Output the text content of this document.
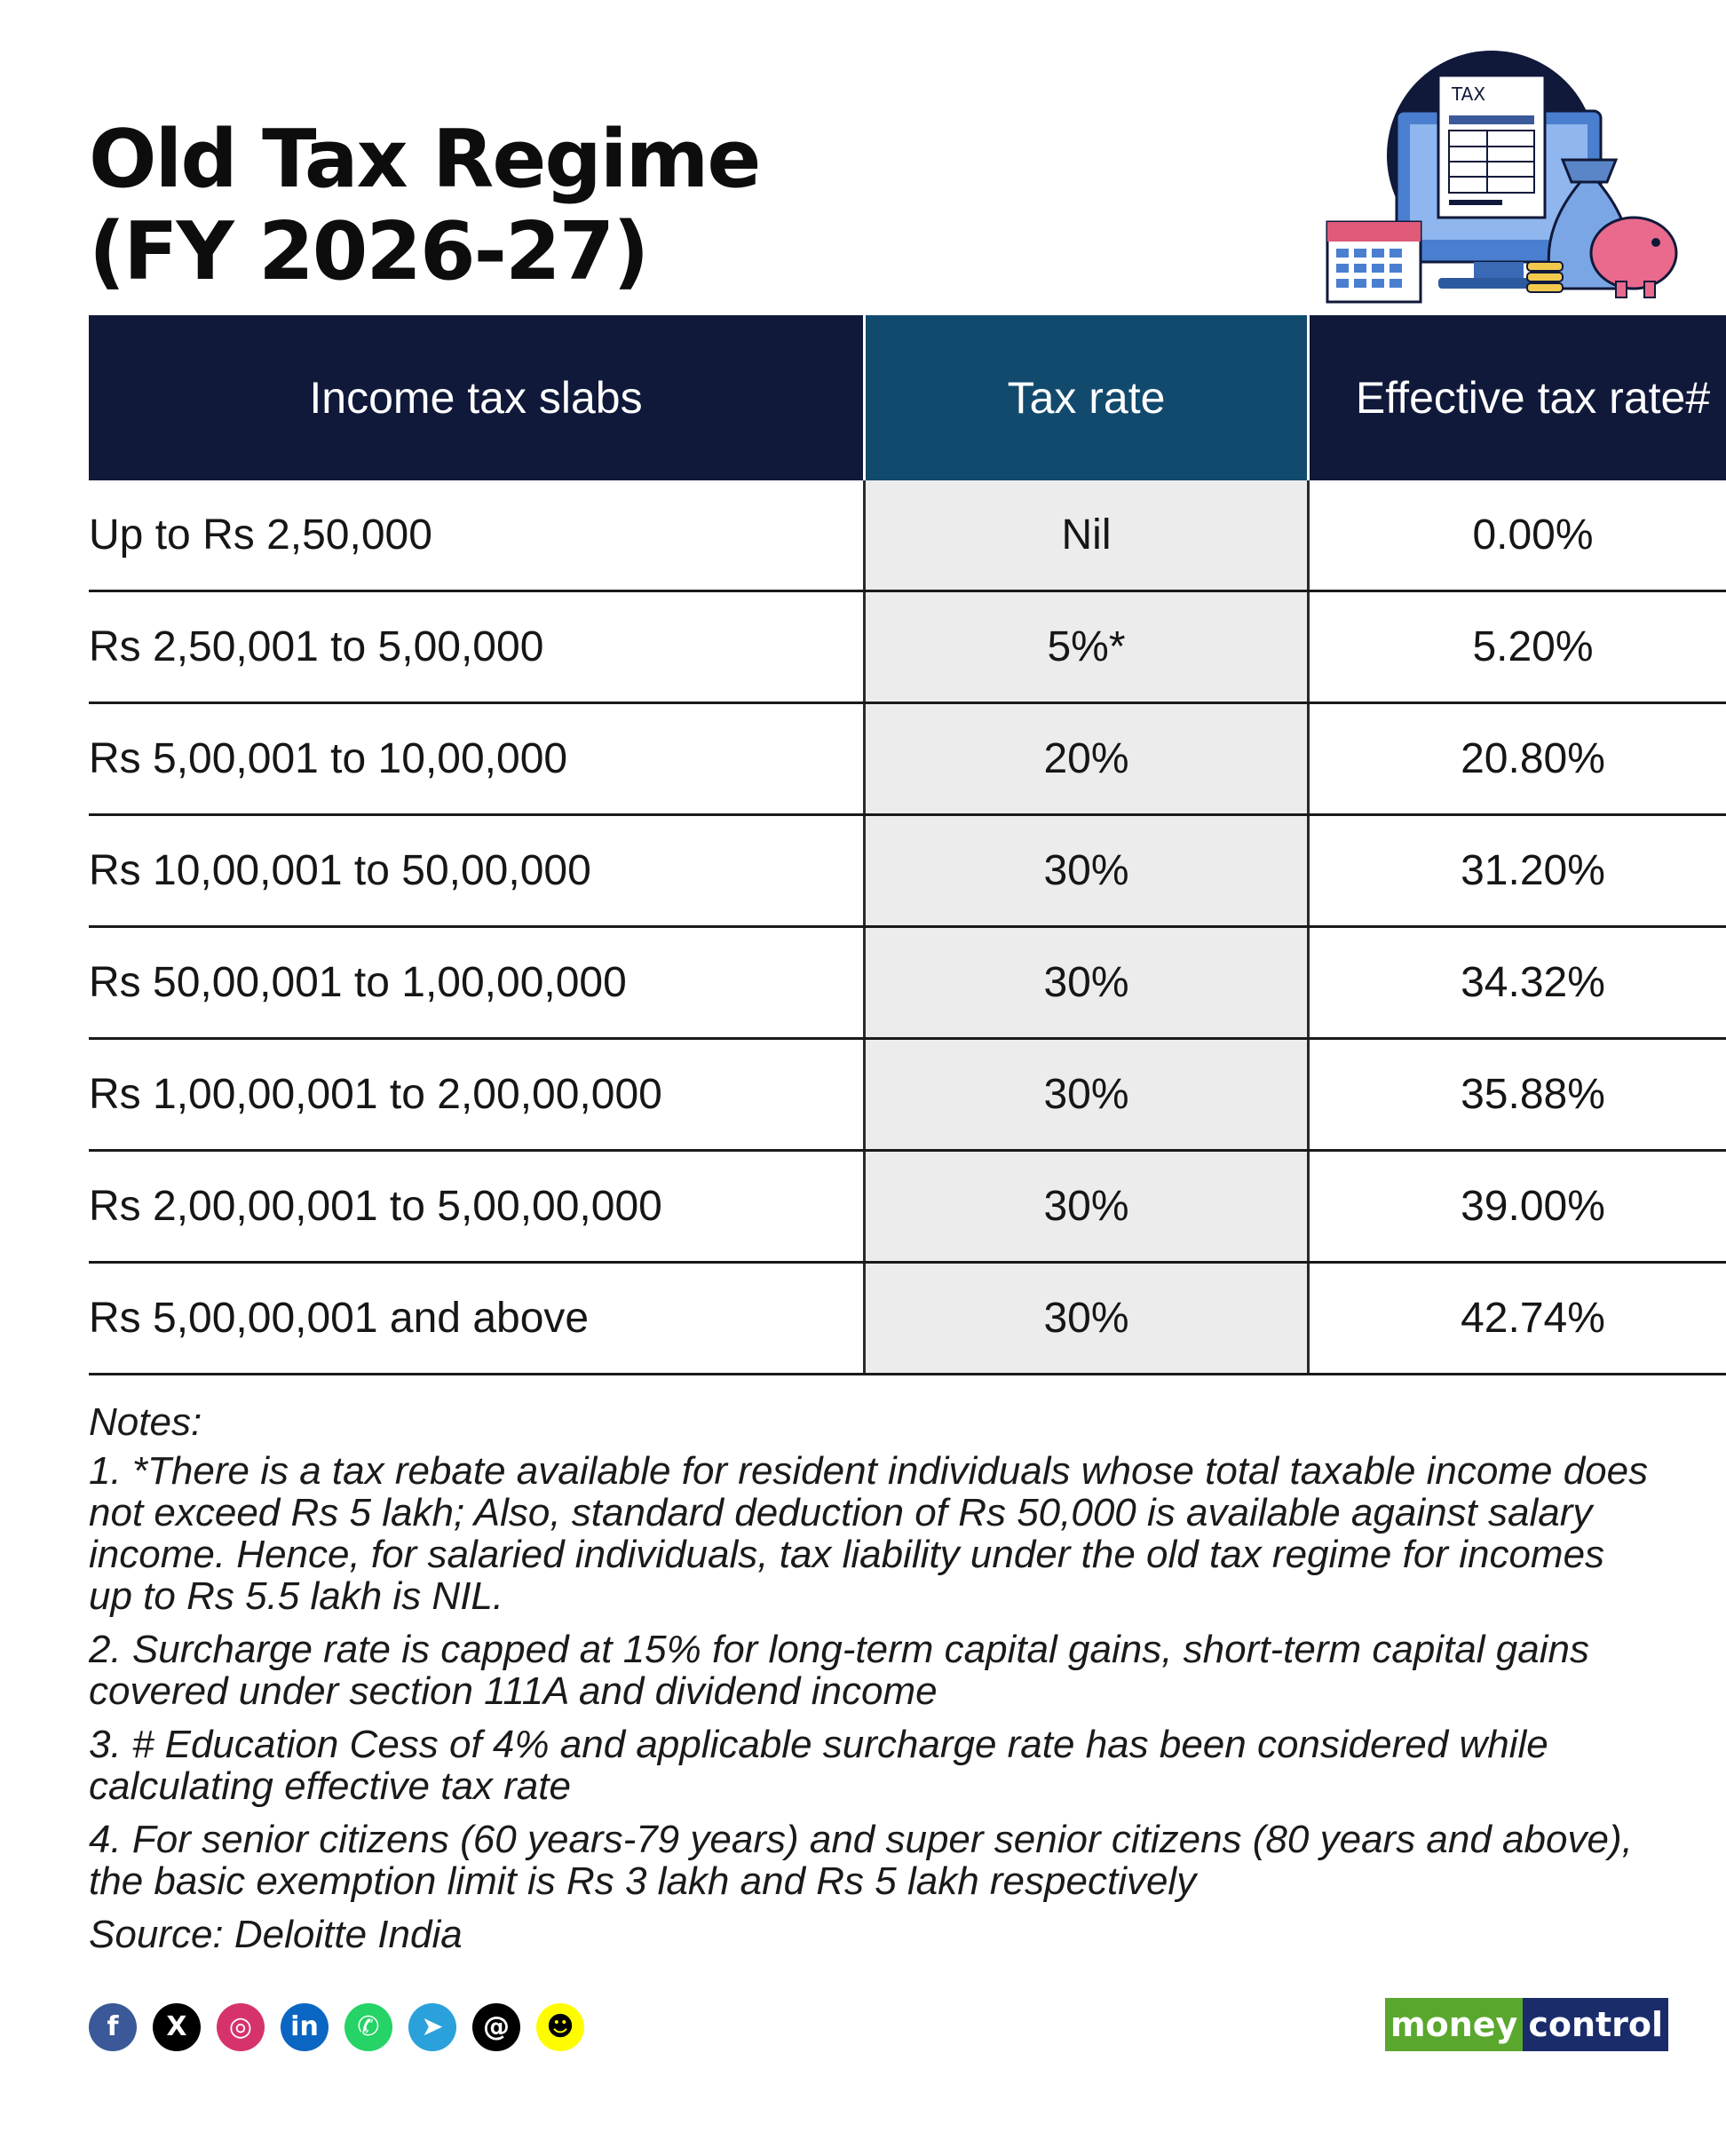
Old Tax Regime
(FY 2026-27)
TAX
Income tax slabs	Tax rate	Effective tax rate#
Up to Rs 2,50,000	Nil	0.00%
Rs 2,50,001 to 5,00,000	5%*	5.20%
Rs 5,00,001 to 10,00,000	20%	20.80%
Rs 10,00,001 to 50,00,000	30%	31.20%
Rs 50,00,001 to 1,00,00,000	30%	34.32%
Rs 1,00,00,001 to 2,00,00,000	30%	35.88%
Rs 2,00,00,001 to 5,00,00,000	30%	39.00%
Rs 5,00,00,001 and above	30%	42.74%

Notes:

1. *There is a tax rebate available for resident individuals whose total taxable income does not exceed Rs 5 lakh; Also, standard deduction of Rs 50,000 is available against salary income. Hence, for salaried individuals, tax liability under the old tax regime for incomes up to Rs 5.5 lakh is NIL.

2. Surcharge rate is capped at 15% for long-term capital gains, short-term capital gains covered under section 111A and dividend income

3. # Education Cess of 4% and applicable surcharge rate has been considered while calculating effective tax rate

4. For senior citizens (60 years-79 years) and super senior citizens (80 years and above), the basic exemption limit is Rs 3 lakh and Rs 5 lakh respectively

Source: Deloitte India

f	X	◎	in	✆	➤	@	☻	money control
